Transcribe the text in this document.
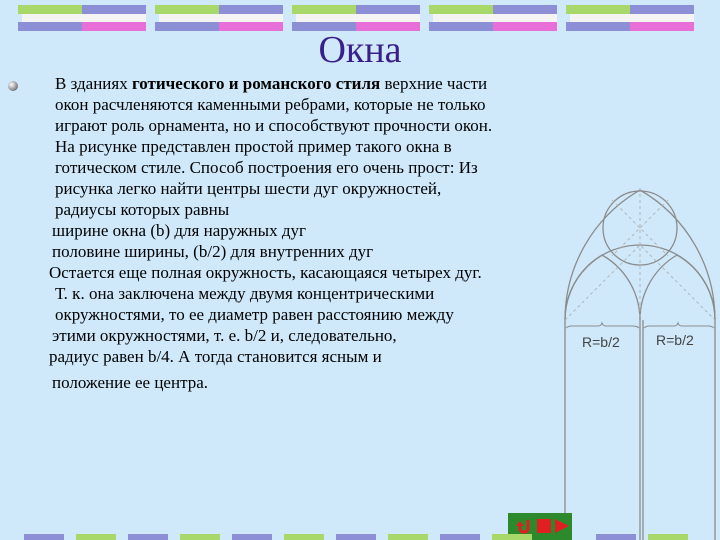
Окна
В зданиях готического и романского стиля верхние части
окон расчленяются каменными ребрами, которые не только
играют роль орнамента, но и способствуют прочности окон.
На рисунке представлен простой пример такого окна в
готическом стиле. Способ построения его очень прост: Из
рисунка легко найти центры шести дуг окружностей,
радиусы которых равны
ширине окна (b) для наружных дуг
половине ширины, (b/2) для внутренних дуг
Остается еще полная окружность, касающаяся четырех дуг.
Т. к. она заключена между двумя концентрическими
окружностями, то ее диаметр равен расстоянию между
этими окружностями, т. е. b/2 и, следовательно,
радиус равен b/4. А тогда становится ясным и
положение ее центра.
R=b/2	R=b/2
